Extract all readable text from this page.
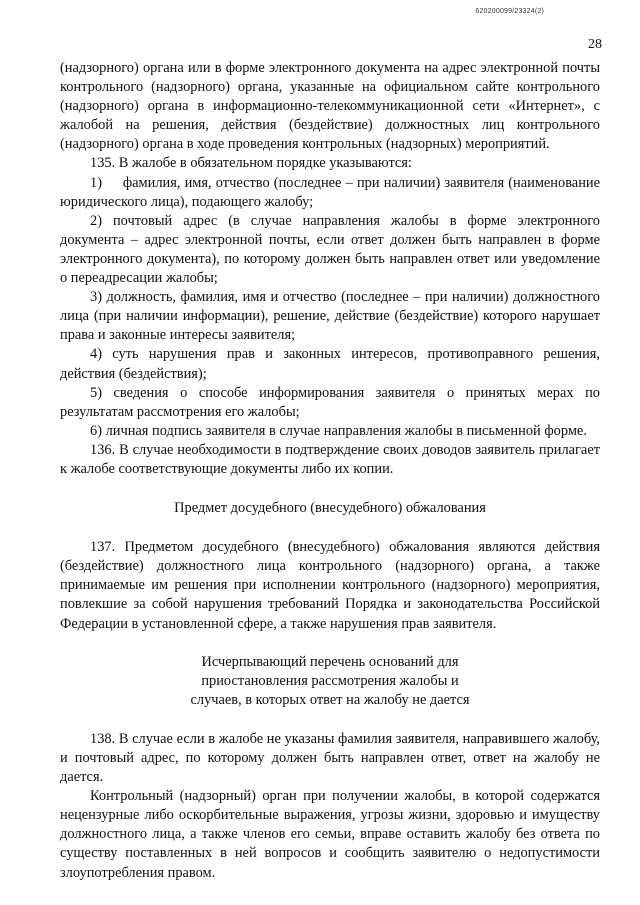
620200099/23324(2)
28

(надзорного) органа или в форме электронного документа на адрес электронной почты контрольного (надзорного) органа, указанные на официальном сайте контрольного (надзорного) органа в информационно-телекоммуникационной сети «Интернет», с жалобой на решения, действия (бездействие) должностных лиц контрольного (надзорного) органа в ходе проведения контрольных (надзорных) мероприятий.

135. В жалобе в обязательном порядке указываются:

1)     фамилия, имя, отчество (последнее – при наличии) заявителя (наименование юридического лица), подающего жалобу;

2) почтовый адрес (в случае направления жалобы в форме электронного документа – адрес электронной почты, если ответ должен быть направлен в форме электронного документа), по которому должен быть направлен ответ или уведомление о переадресации жалобы;

3) должность, фамилия, имя и отчество (последнее – при наличии) должностного лица (при наличии информации), решение, действие (бездействие) которого нарушает права и законные интересы заявителя;

4) суть нарушения прав и законных интересов, противоправного решения, действия (бездействия);

5) сведения о способе информирования заявителя о принятых мерах по результатам рассмотрения его жалобы;

6) личная подпись заявителя в случае направления жалобы в письменной форме.

136. В случае необходимости в подтверждение своих доводов заявитель прилагает к жалобе соответствующие документы либо их копии.

Предмет досудебного (внесудебного) обжалования

137. Предметом досудебного (внесудебного) обжалования являются действия (бездействие) должностного лица контрольного (надзорного) органа, а также принимаемые им решения при исполнении контрольного (надзорного) мероприятия, повлекшие за собой нарушения требований Порядка и законодательства Российской Федерации в установленной сфере, а также нарушения прав заявителя.

Исчерпывающий перечень оснований для

приостановления рассмотрения жалобы и

случаев, в которых ответ на жалобу не дается

138. В случае если в жалобе не указаны фамилия заявителя, направившего жалобу, и почтовый адрес, по которому должен быть направлен ответ, ответ на жалобу не дается.

Контрольный (надзорный) орган при получении жалобы, в которой содержатся нецензурные либо оскорбительные выражения, угрозы жизни, здоровью и имуществу должностного лица, а также членов его семьи, вправе оставить жалобу без ответа по существу поставленных в ней вопросов и сообщить заявителю о недопустимости злоупотребления правом.
